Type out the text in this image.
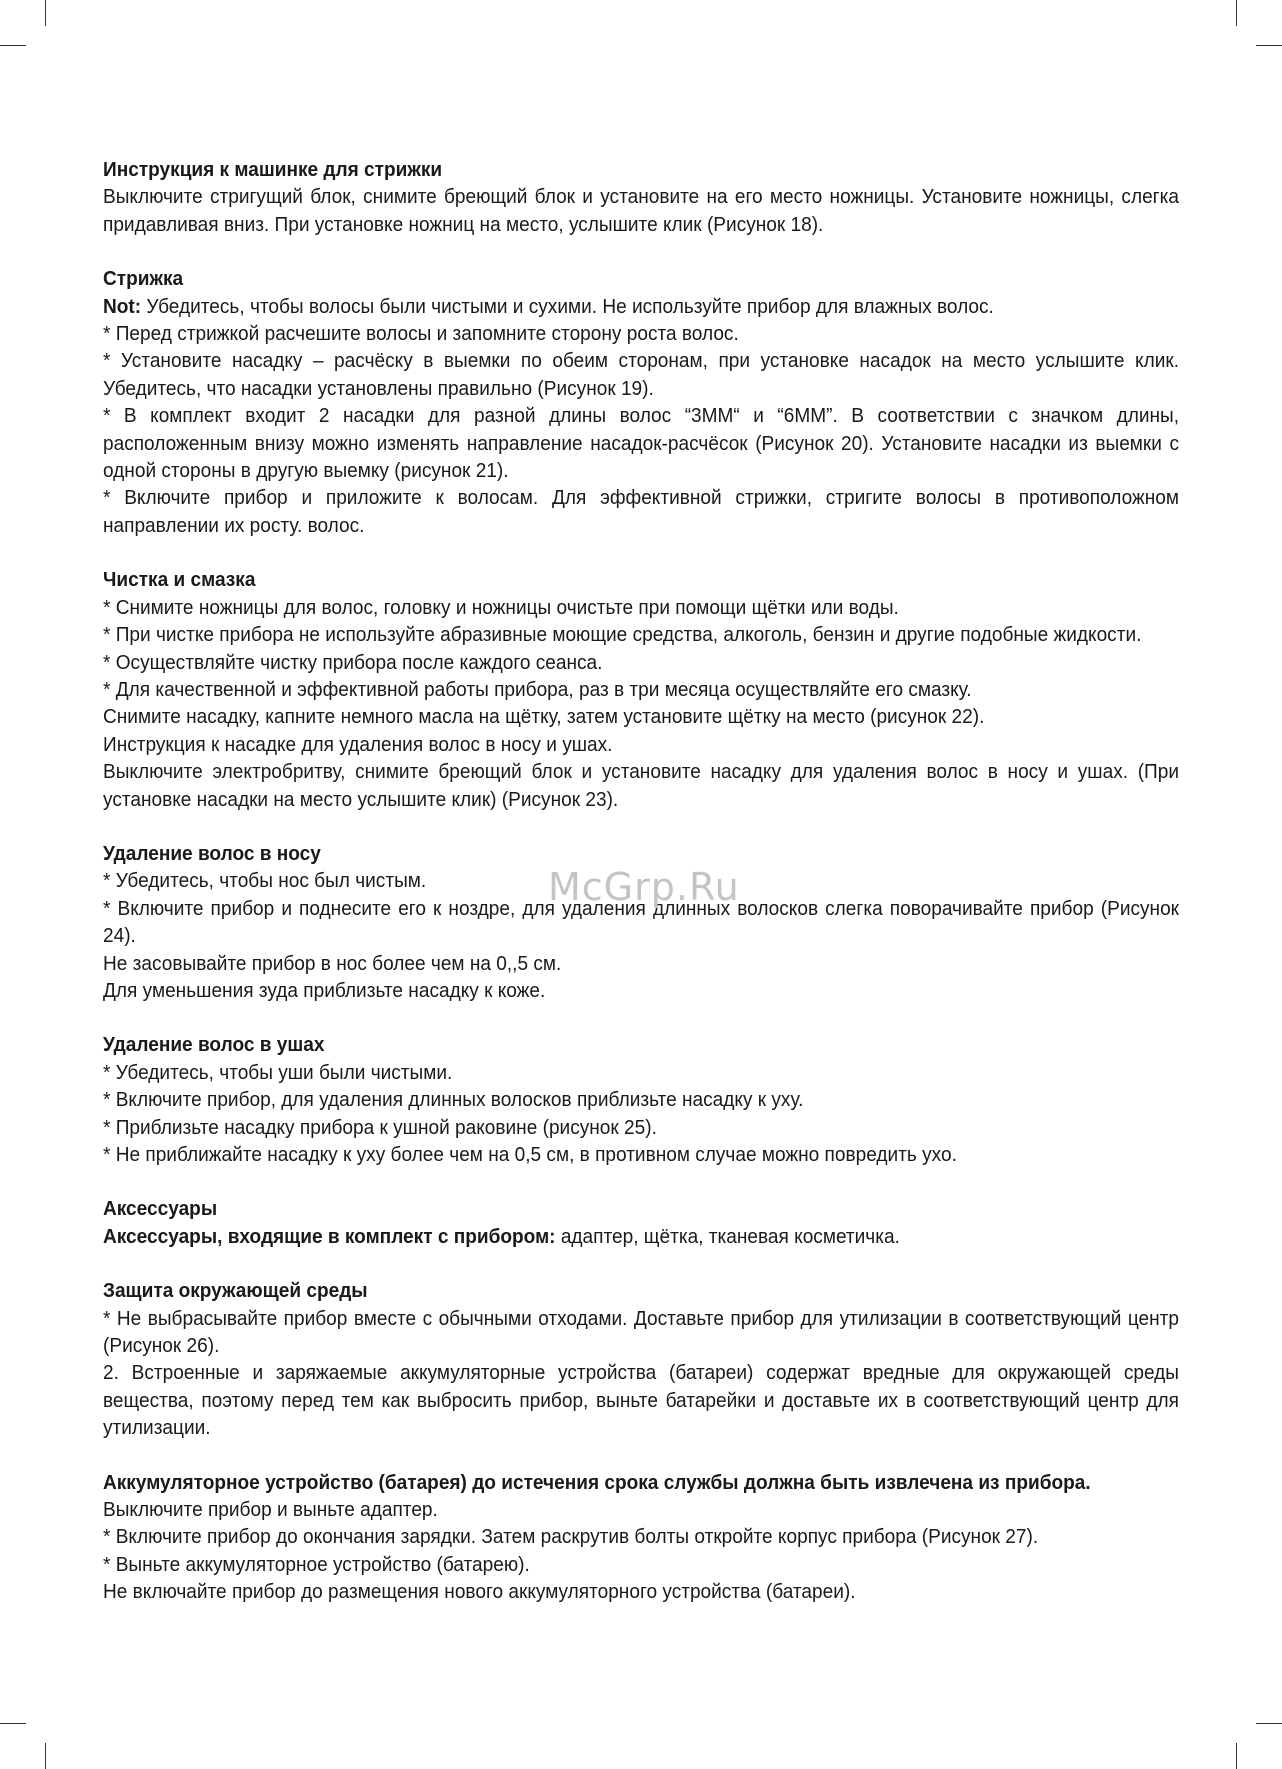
Инструкция к машинке для стрижки

Выключите стригущий блок, снимите бреющий блок и установите на его место ножницы. Установите ножницы, слегка придавливая вниз. При установке ножниц на место, услышите клик (Рисунок 18).

Стрижка

Not: Убедитесь, чтобы волосы были чистыми и сухими. Не используйте прибор для влажных волос.

* Перед стрижкой расчешите волосы и запомните сторону роста волос.

* Установите насадку – расчёску в выемки по обеим сторонам, при установке насадок на место услышите клик. Убедитесь, что насадки установлены правильно (Рисунок 19).

* В комплект входит 2 насадки для разной длины волос “3ММ“ и “6ММ”. В соответствии с значком длины, расположенным внизу можно изменять направление насадок-расчёсок (Рисунок 20). Установите насадки из выемки с одной стороны в другую выемку (рисунок 21).

* Включите прибор и приложите к волосам. Для эффективной стрижки, стригите волосы в противоположном направлении их росту. волос.

Чистка и смазка

* Снимите ножницы для волос, головку и ножницы очистьте при помощи щётки или воды.

* При чистке прибора не используйте абразивные моющие средства, алкоголь, бензин и другие подобные жидкости.

* Осуществляйте чистку прибора после каждого сеанса.

* Для качественной и эффективной работы прибора, раз в три месяца осуществляйте его смазку.

Снимите насадку, капните немного масла на щётку, затем установите щётку на место (рисунок 22).

Инструкция к насадке для удаления волос в носу и ушах.

Выключите электробритву, снимите бреющий блок и установите насадку для удаления волос в носу и ушах. (При установке насадки на место услышите клик) (Рисунок 23).

Удаление волос в носу

* Убедитесь, чтобы нос был чистым.

* Включите прибор и поднесите его к ноздре, для удаления длинных волосков слегка поворачивайте прибор (Рисунок 24).

Не засовывайте прибор в нос более чем на 0,,5 см.

Для уменьшения зуда приблизьте насадку к коже.

Удаление волос в ушах

* Убедитесь, чтобы уши были чистыми.

* Включите прибор, для удаления длинных волосков приблизьте насадку к уху.

* Приблизьте насадку прибора к ушной раковине (рисунок 25).

* Не приближайте насадку к уху более чем на 0,5 см, в противном случае можно повредить ухо.

Аксессуары

Аксессуары, входящие в комплект с прибором: адаптер, щётка, тканевая косметичка.

Защита окружающей среды

* Не выбрасывайте прибор вместе с обычными отходами. Доставьте прибор для утилизации в соответствующий центр (Рисунок 26).

2. Встроенные и заряжаемые аккумуляторные устройства (батареи) содержат вредные для окружающей среды вещества, поэтому перед тем как выбросить прибор, выньте батарейки и доставьте их в соответствующий центр для утилизации.

Аккумуляторное устройство (батарея) до истечения срока службы должна быть извлечена из прибора.

Выключите прибор и выньте адаптер.

* Включите прибор до окончания зарядки. Затем раскрутив болты откройте корпус прибора (Рисунок 27).

* Выньте аккумуляторное устройство (батарею).

Не включайте прибор до размещения нового аккумуляторного устройства (батареи).

McGrp.Ru
